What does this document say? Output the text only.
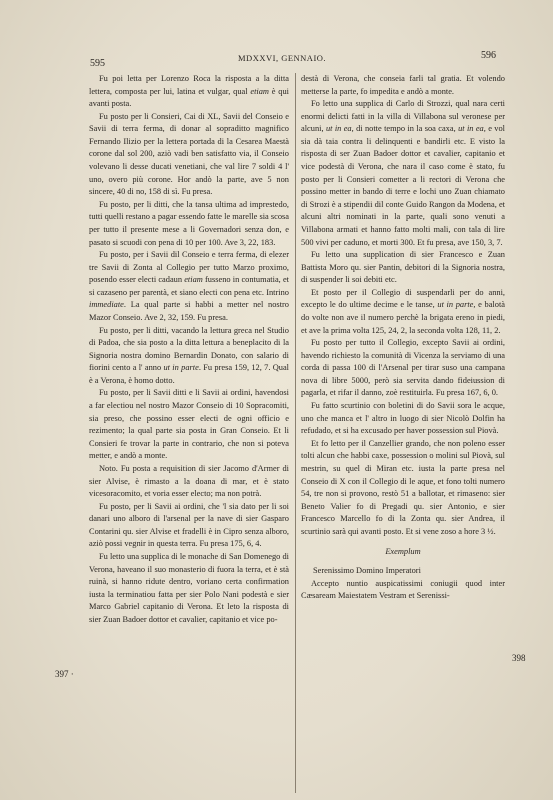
595	MDXXVI, GENNAIO.	596
397 ·
398

Fu poi letta per Lorenzo Roca la risposta a la ditta lettera, composta per lui, latina et vulgar, qual etiam è qui avanti posta.

Fu posto per li Consieri, Cai di XL, Savii del Conseio e Savii di terra ferma, di donar al sopraditto magnifico Fernando Ilizio per la lettera portada di la Cesarea Maestà corone dal sol 200, aziò vadi ben satisfatto via, il Conseio volevano li desse ducati venetiani, che val lire 7 soldi 4 l' uno, overo più corone. Hor andò la parte, ave 5 non sincere, 40 di no, 158 di sì. Fu presa.

Fu posto, per li ditti, che la tansa ultima ad imprestedo, tutti quelli restano a pagar essendo fatte le marelle sia scosa per tutto il presente mese a li Governadori senza don, e pasato si scuodi con pena di 10 per 100. Ave 3, 22, 183.

Fu posto, per i Savii dil Conseio e terra ferma, di elezer tre Savii di Zonta al Collegio per tutto Marzo proximo, posendo esser electi cadaun etiam fusseno in contumatia, et si cazaseno per parentà, et siano electi con pena etc. Intrino immediate. La qual parte si habbi a metter nel nostro Mazor Conseio. Ave 2, 32, 159. Fu presa.

Fu posto, per li ditti, vacando la lettura greca nel Studio di Padoa, che sia posto a la ditta lettura a beneplacito di la Signoria nostra domino Bernardin Donato, con salario di fiorini cento a l' anno ut in parte. Fu presa 159, 12, 7. Qual è a Verona, è homo dotto.

Fu posto, per li Savii ditti e li Savii ai ordini, havendosi a far electiou nel nostro Mazor Conseio di 10 Sopracomiti, sia preso, che possino esser electi de ogni officio e rezimento; la qual parte sia posta in Gran Conseio. Et li Consieri fe trovar la parte in contrario, che non si poteva metter, e andò a monte.

Noto. Fu posta a requisition di sier Jacomo d'Armer di sier Alvise, è rimasto a la doana di mar, et è stato vicesoracomito, et voria esser electo; ma non potrà.

Fu posto, per li Savii ai ordini, che 'l sia dato per li soi danari uno alboro di l'arsenal per la nave di sier Gasparo Contarini qu. sier Alvise et fradelli è in Cipro senza alboro, aziò possi vegnir in questa terra. Fu presa 175, 6, 4.

Fu letto una supplica di le monache di San Domenego di Verona, haveano il suo monasterio di fuora la terra, et è stà ruinà, si hanno ridute dentro, voriano certa confirmation iusta la terminatiou fatta per sier Polo Nani podestà e sier Marco Gabriel capitanio di Verona. Et leto la risposta di sier Zuan Badoer dottor et cavalier, capitanio et vice po-

destà di Verona, che conseia farli tal gratia. Et volendo metterse la parte, fo impedita e andò a monte.

Fo letto una supplica di Carlo di Strozzi, qual nara certi enormi delicti fatti in la villa di Villabona sul veronese per alcuni, ut in ea, di notte tempo in la soa caxa, ut in ea, e vol sia dà taia contra li delinquenti e bandirli etc. E visto la risposta di ser Zuan Badoer dottor et cavalier, capitanio et vice podestà di Verona, che nara il caso come è stato, fu posto per li Consieri cometter a li rectori di Verona che possino metter in bando di terre e lochi uno Zuan chiamato di Strozi è a stipendii dil conte Guido Rangon da Modena, et alcuni altri nominati in la parte, quali sono venuti a Villabona armati et hanno fatto molti mali, con tala di lire 500 vivi per caduno, et morti 300. Et fu presa, ave 150, 3, 7.

Fu letto una supplication di sier Francesco e Zuan Battista Moro qu. sier Pantin, debitori di la Signoria nostra, di suspender li soi debiti etc.

Et posto per il Collegio di suspendarli per do anni, excepto le do ultime decime e le tanse, ut in parte, e balotà do volte non ave il numero perchè la brigata ereno in piedi, et ave la prima volta 125, 24, 2, la seconda volta 128, 11, 2.

Fu posto per tutto il Collegio, excepto Savii ai ordini, havendo richiesto la comunità di Vicenza la serviamo di una corda di passa 100 di l'Arsenal per tirar suso una campana nova di libre 5000, però sia servita dando fideiussion di pagarla, et rifar il danno, zoè restituirla. Fu presa 167, 6, 0.

Fu fatto scurtinio con boletini di do Savii sora le acque, uno che manca et l' altro in luogo di sier Nicolò Dolfin ha refudado, et si ha excusado per haver possession sul Piovà.

Et fo letto per il Canzellier grando, che non poleno esser tolti alcun che habbi caxe, possession o molini sul Piovà, sul mestrin, su quel di Miran etc. iusta la parte presa nel Conseio di X con il Collegio di le aque, et fono tolti numero 54, tre non si provono, restò 51 a ballotar, et rimaseno: sier Beneto Valier fo di Pregadi qu. sier Antonio, e sier Francesco Marcello fo di la Zonta qu. sier Andrea, il scurtinio sarà qui avanti posto. Et si vene zoso a hore 3 ½.

Exemplum

Serenissimo Domino Imperatori

Accepto nuntio auspicatissimi coniugii quod inter Cæsaream Maiestatem Vestram et Serenissi-
